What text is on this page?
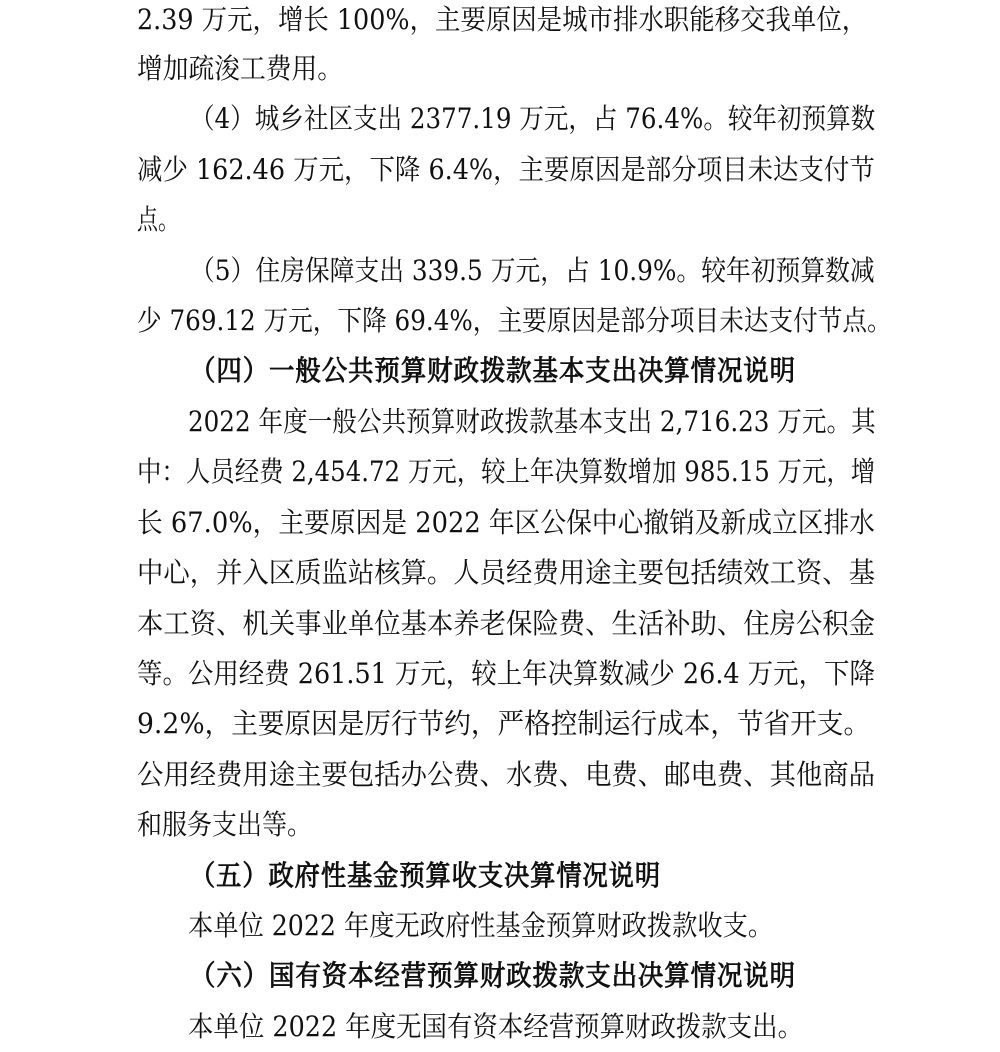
2.39 万元，增长 100%，主要原因是城市排水职能移交我单位，
增加疏浚工费用。
（4）城乡社区支出 2377.19 万元，占 76.4%。较年初预算数
减少 162.46 万元，下降 6.4%，主要原因是部分项目未达支付节
点。
（5）住房保障支出 339.5 万元，占 10.9%。较年初预算数减
少 769.12 万元，下降 69.4%，主要原因是部分项目未达支付节点。
（四）一般公共预算财政拨款基本支出决算情况说明
2022 年度一般公共预算财政拨款基本支出 2,716.23 万元。其
中：人员经费 2,454.72 万元，较上年决算数增加 985.15 万元，增
长 67.0%，主要原因是 2022 年区公保中心撤销及新成立区排水
中心，并入区质监站核算。人员经费用途主要包括绩效工资、基
本工资、机关事业单位基本养老保险费、生活补助、住房公积金
等。公用经费 261.51 万元，较上年决算数减少 26.4 万元，下降
9.2%，主要原因是厉行节约，严格控制运行成本，节省开支。
公用经费用途主要包括办公费、水费、电费、邮电费、其他商品
和服务支出等。
（五）政府性基金预算收支决算情况说明
本单位 2022 年度无政府性基金预算财政拨款收支。
（六）国有资本经营预算财政拨款支出决算情况说明
本单位 2022 年度无国有资本经营预算财政拨款支出。
